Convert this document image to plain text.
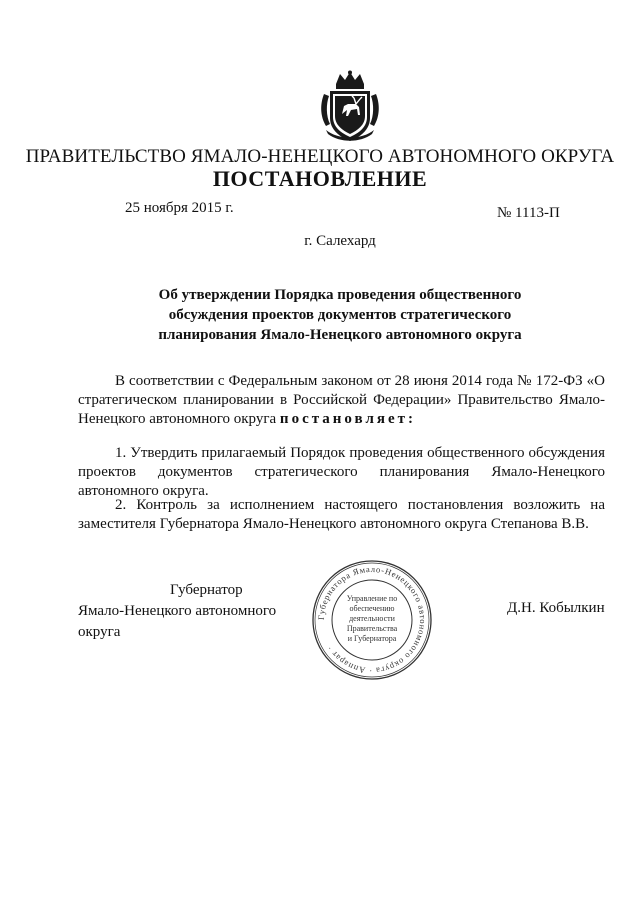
ПРАВИТЕЛЬСТВО ЯМАЛО-НЕНЕЦКОГО АВТОНОМНОГО ОКРУГА
ПОСТАНОВЛЕНИЕ
25 ноября 2015 г.	№ 1113-П
г. Салехард
Об утверждении Порядка проведения общественного
обсуждения проектов документов стратегического
планирования Ямало-Ненецкого автономного округа

В соответствии с Федеральным законом от 28 июня 2014 года № 172-ФЗ «О стратегическом планировании в Российской Федерации» Правительство Ямало-Ненецкого автономного округа постановляет:

1. Утвердить прилагаемый Порядок проведения общественного обсуждения проектов документов стратегического планирования Ямало-Ненецкого автономного округа.

2. Контроль за исполнением настоящего постановления возложить на заместителя Губернатора Ямало-Ненецкого автономного округа Степанова В.В.

Губернатор
Ямало-Ненецкого автономного округа
Д.Н. Кобылкин
Губернатора Ямало-Ненецкого автономного округа · Аппарат ·
Управление по
обеспечению
деятельности
Правительства
и Губернатора
